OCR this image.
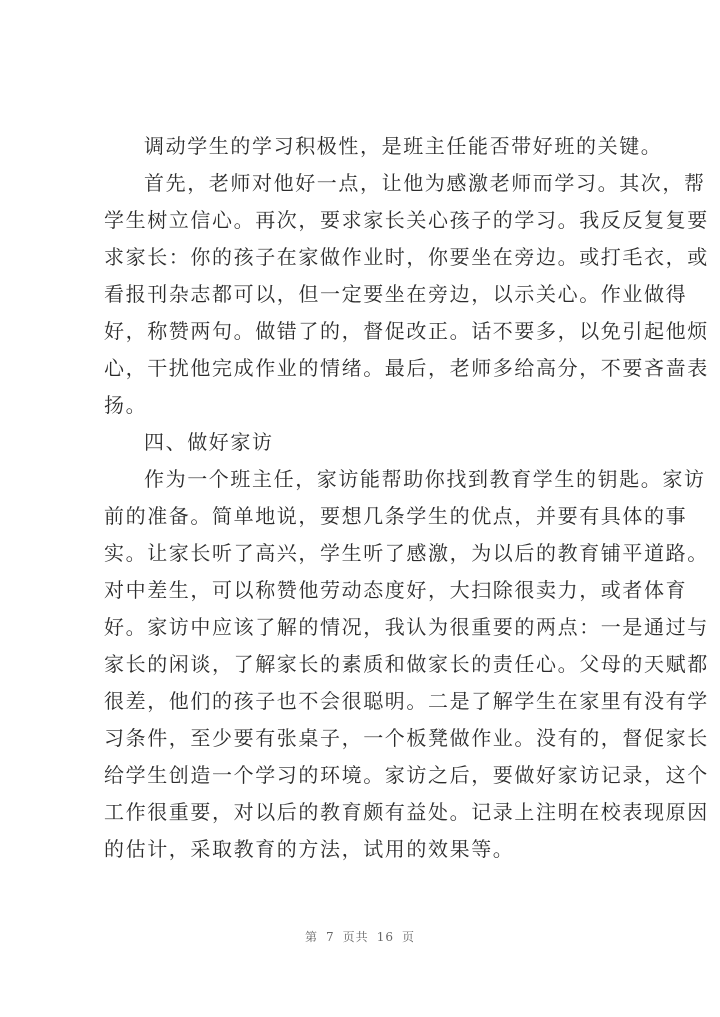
调动学生的学习积极性，是班主任能否带好班的关键。
首先，老师对他好一点，让他为感激老师而学习。其次，帮
学生树立信心。再次，要求家长关心孩子的学习。我反反复复要
求家长：你的孩子在家做作业时，你要坐在旁边。或打毛衣，或
看报刊杂志都可以，但一定要坐在旁边，以示关心。作业做得
好，称赞两句。做错了的，督促改正。话不要多，以免引起他烦
心，干扰他完成作业的情绪。最后，老师多给高分，不要吝啬表
扬。
四、做好家访
作为一个班主任，家访能帮助你找到教育学生的钥匙。家访
前的准备。简单地说，要想几条学生的优点，并要有具体的事
实。让家长听了高兴，学生听了感激，为以后的教育铺平道路。
对中差生，可以称赞他劳动态度好，大扫除很卖力，或者体育
好。家访中应该了解的情况，我认为很重要的两点：一是通过与
家长的闲谈，了解家长的素质和做家长的责任心。父母的天赋都
很差，他们的孩子也不会很聪明。二是了解学生在家里有没有学
习条件，至少要有张桌子，一个板凳做作业。没有的，督促家长
给学生创造一个学习的环境。家访之后，要做好家访记录，这个
工作很重要，对以后的教育颇有益处。记录上注明在校表现原因
的估计，采取教育的方法，试用的效果等。
第 7 页共 16 页
